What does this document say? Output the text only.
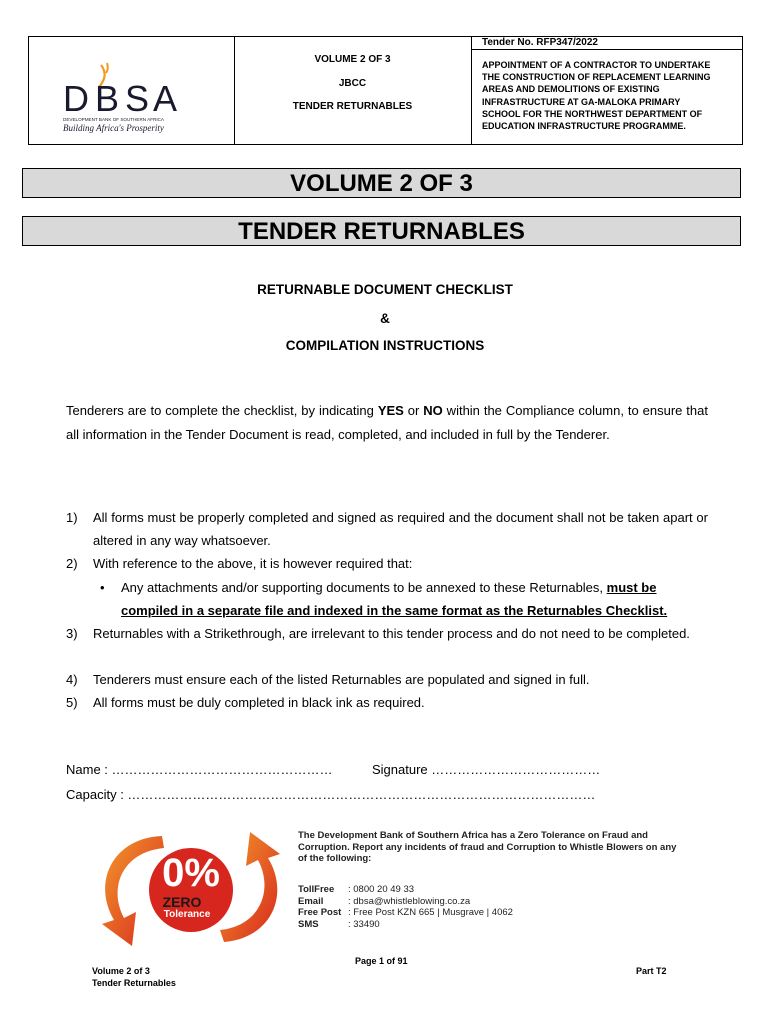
D B S A
DEVELOPMENT BANK OF SOUTHERN AFRICA
Building Africa's Prosperity
VOLUME 2 OF 3
JBCC
TENDER RETURNABLES
Tender No. RFP347/2022
APPOINTMENT OF A CONTRACTOR TO UNDERTAKE
THE CONSTRUCTION OF REPLACEMENT LEARNING
AREAS AND DEMOLITIONS OF EXISTING
INFRASTRUCTURE AT GA-MALOKA PRIMARY
SCHOOL FOR THE NORTHWEST DEPARTMENT OF
EDUCATION INFRASTRUCTURE PROGRAMME.
VOLUME 2 OF 3
TENDER RETURNABLES
RETURNABLE DOCUMENT CHECKLIST
&
COMPILATION INSTRUCTIONS
Tenderers are to complete the checklist, by indicating YES or NO within the Compliance column, to ensure that all information in the Tender Document is read, completed, and included in full by the Tenderer.
1) All forms must be properly completed and signed as required and the document shall not be taken apart or altered in any way whatsoever.
2) With reference to the above, it is however required that:
• Any attachments and/or supporting documents to be annexed to these Returnables, must be compiled in a separate file and indexed in the same format as the Returnables Checklist.
3) Returnables with a Strikethrough, are irrelevant to this tender process and do not need to be completed.
4) Tenderers must ensure each of the listed Returnables are populated and signed in full.
5) All forms must be duly completed in black ink as required.
Name : ……………………………………………	Signature …………………………………
Capacity : ………………………………………………………………………………………………
0%
ZERO
Tolerance
The Development Bank of Southern Africa has a Zero Tolerance on Fraud and Corruption. Report any incidents of fraud and Corruption to Whistle Blowers on any of the following:
TollFree : 0800 20 49 33
Email	: dbsa@whistleblowing.co.za
Free Post : Free Post KZN 665 | Musgrave | 4062
SMS	: 33490
Page 1 of 91
Volume 2 of 3
Tender Returnables
Part T2
